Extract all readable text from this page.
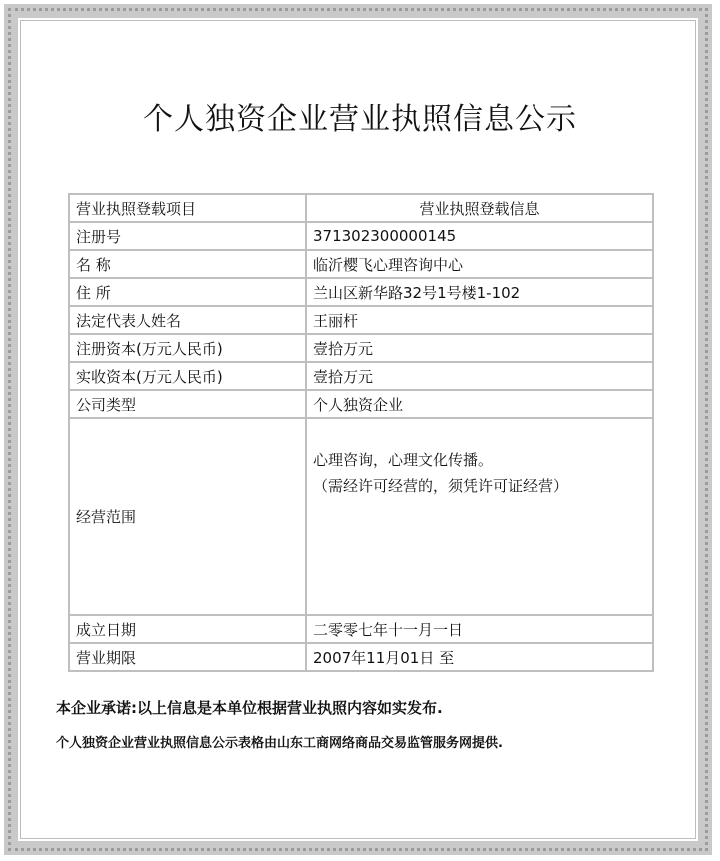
个人独资企业营业执照信息公示
营业执照登载项目	营业执照登载信息
注册号	371302300000145
名 称	临沂樱飞心理咨询中心
住 所	兰山区新华路32号1号楼1-102
法定代表人姓名	王丽杆
注册资本(万元人民币)	壹拾万元
实收资本(万元人民币)	壹拾万元
公司类型	个人独资企业
经营范围	心理咨询，心理文化传播。
（需经许可经营的，须凭许可证经营）

成立日期	二零零七年十一月一日
营业期限	2007年11月01日 至
本企业承诺:以上信息是本单位根据营业执照内容如实发布.
个人独资企业营业执照信息公示表格由山东工商网络商品交易监管服务网提供.
